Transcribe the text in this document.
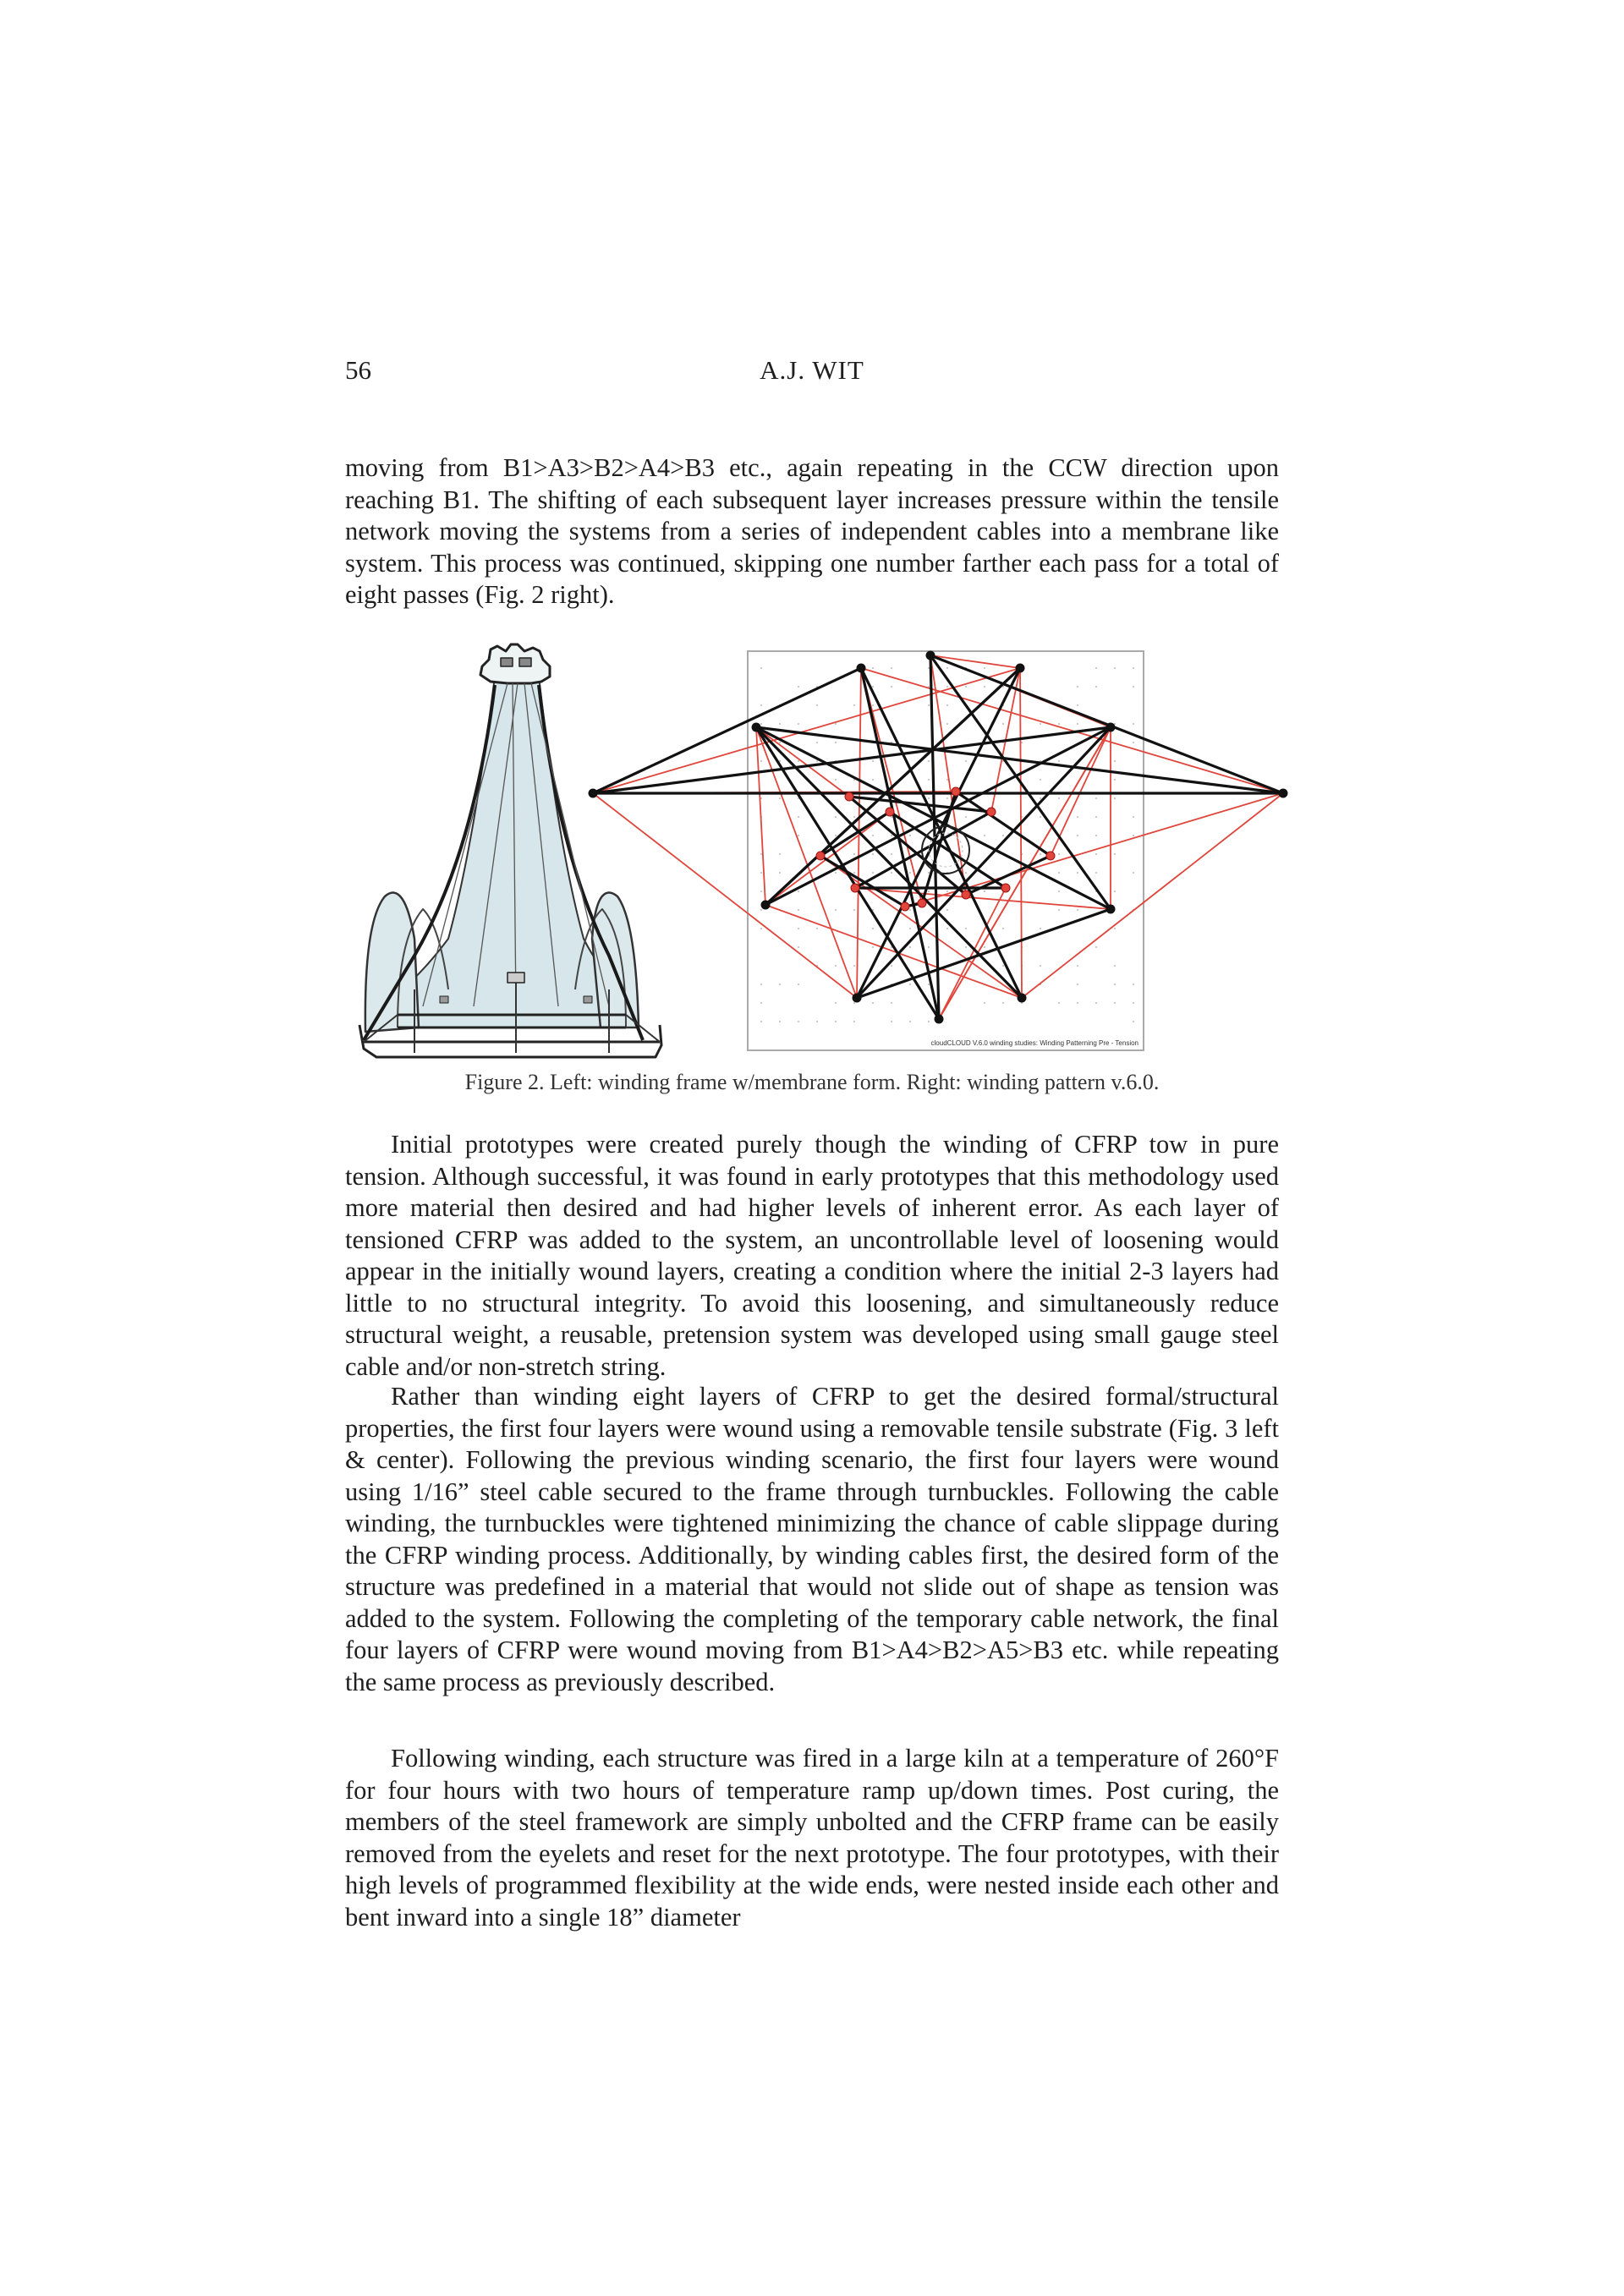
56	A.J. WIT

moving from B1>A3>B2>A4>B3 etc., again repeating in the CCW direction upon reaching B1. The shifting of each subsequent layer increases pressure within the tensile network moving the systems from a series of independent cables into a membrane like system. This process was continued, skipping one number farther each pass for a total of eight passes (Fig. 2 right).

cloudCLOUD V.6.0 winding studies: Winding Patterning Pre - Tension
Figure 2. Left: winding frame w/membrane form. Right: winding pattern v.6.0.

Initial prototypes were created purely though the winding of CFRP tow in pure tension. Although successful, it was found in early prototypes that this methodology used more material then desired and had higher levels of inherent error. As each layer of tensioned CFRP was added to the system, an uncontrollable level of loosening would appear in the initially wound layers, creating a condition where the initial 2-3 layers had little to no structural integrity. To avoid this loosening, and simultaneously reduce structural weight, a reusable, pretension system was developed using small gauge steel cable and/or non-stretch string.

Rather than winding eight layers of CFRP to get the desired formal/structural properties, the first four layers were wound using a removable tensile substrate (Fig. 3 left & center). Following the previous winding scenario, the first four layers were wound using 1/16” steel cable secured to the frame through turnbuckles. Following the cable winding, the turnbuckles were tightened minimizing the chance of cable slippage during the CFRP winding process. Additionally, by winding cables first, the desired form of the structure was predefined in a material that would not slide out of shape as tension was added to the system. Following the completing of the temporary cable network, the final four layers of CFRP were wound moving from B1>A4>B2>A5>B3 etc. while repeating the same process as previously described.

Following winding, each structure was fired in a large kiln at a temperature of 260°F for four hours with two hours of temperature ramp up/down times. Post curing, the members of the steel framework are simply unbolted and the CFRP frame can be easily removed from the eyelets and reset for the next prototype. The four prototypes, with their high levels of programmed flexibility at the wide ends, were nested inside each other and bent inward into a single 18” diameter
